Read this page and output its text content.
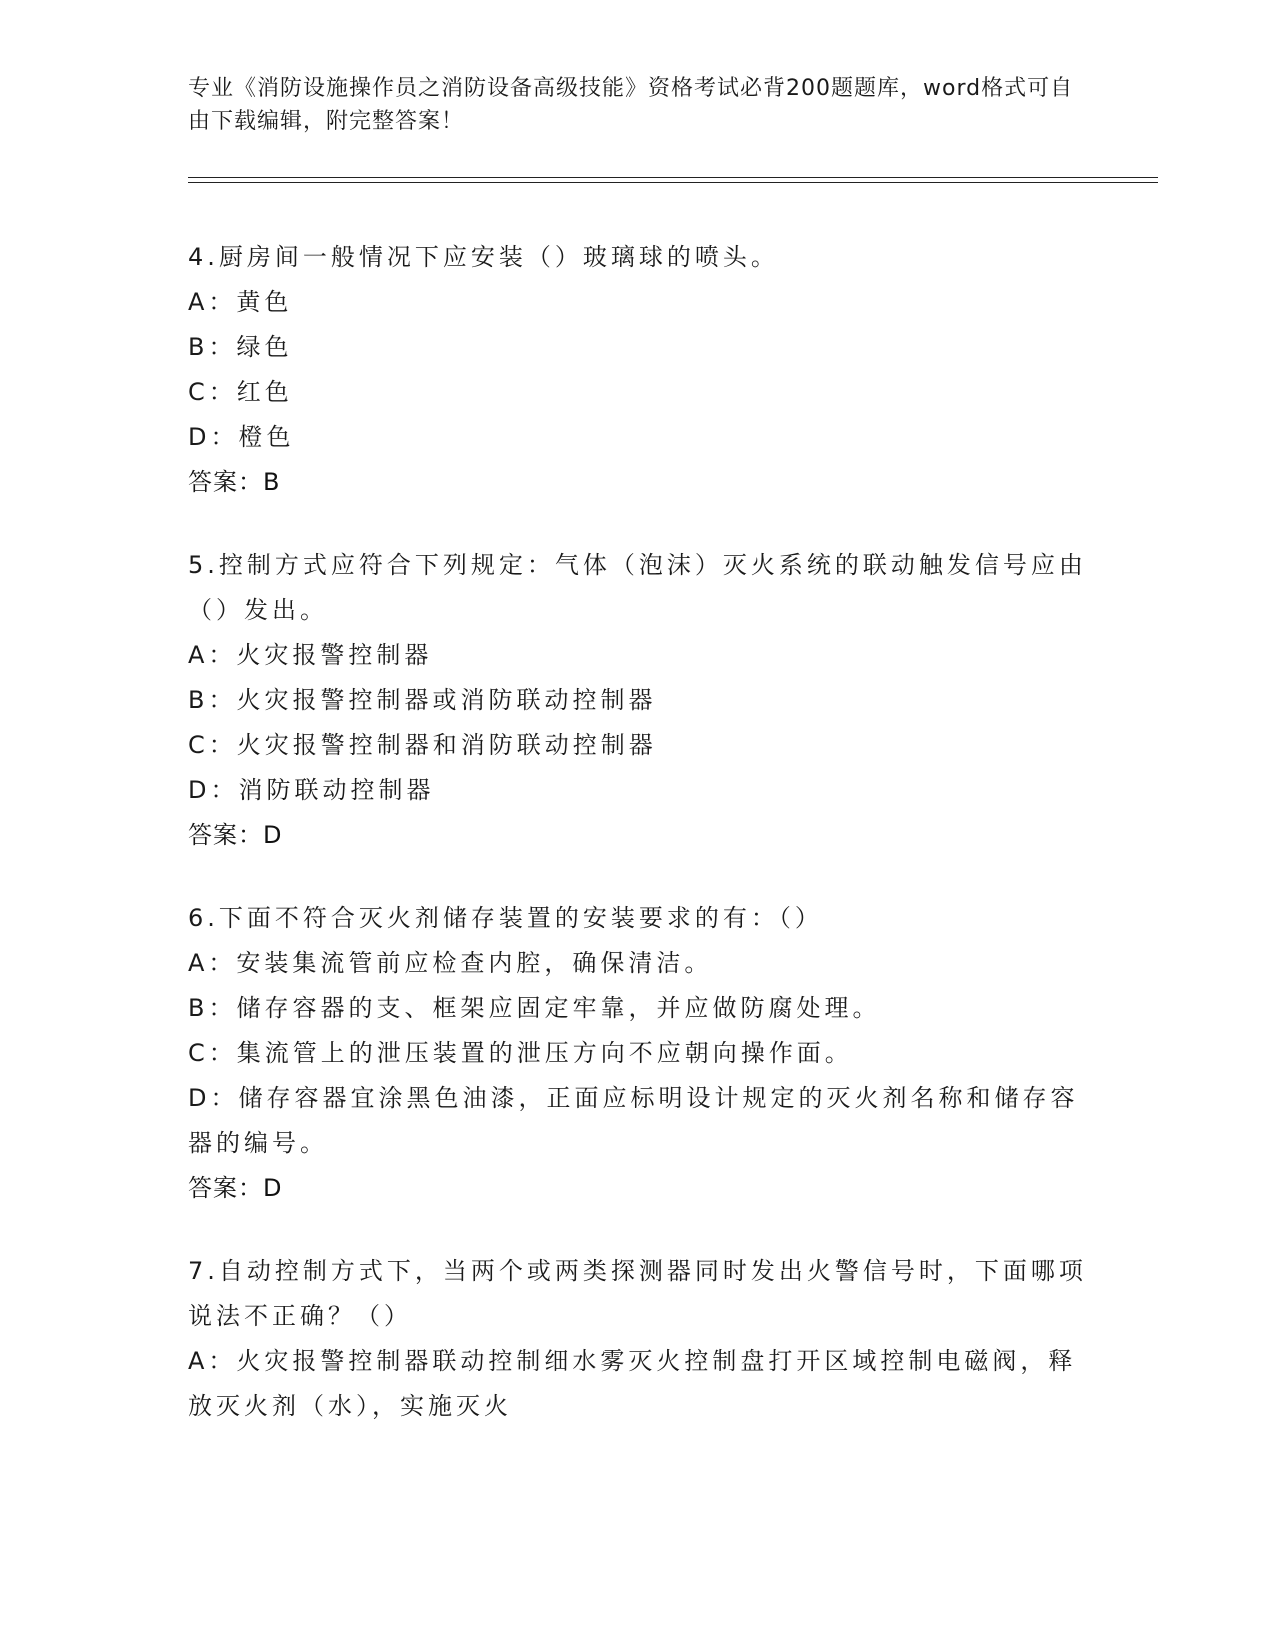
专业《消防设施操作员之消防设备高级技能》资格考试必背200题题库，word格式可自由下载编辑，附完整答案！
4.厨房间一般情况下应安装（）玻璃球的喷头。
A：黄色
B：绿色
C：红色
D：橙色
答案：B
5.控制方式应符合下列规定：气体（泡沫）灭火系统的联动触发信号应由（）发出。
A：火灾报警控制器
B：火灾报警控制器或消防联动控制器
C：火灾报警控制器和消防联动控制器
D：消防联动控制器
答案：D
6.下面不符合灭火剂储存装置的安装要求的有：（）
A：安装集流管前应检查内腔，确保清洁。
B：储存容器的支、框架应固定牢靠，并应做防腐处理。
C：集流管上的泄压装置的泄压方向不应朝向操作面。
D：储存容器宜涂黑色油漆，正面应标明设计规定的灭火剂名称和储存容器的编号。
答案：D
7.自动控制方式下，当两个或两类探测器同时发出火警信号时，下面哪项说法不正确？（）
A：火灾报警控制器联动控制细水雾灭火控制盘打开区域控制电磁阀，释放灭火剂（水），实施灭火
